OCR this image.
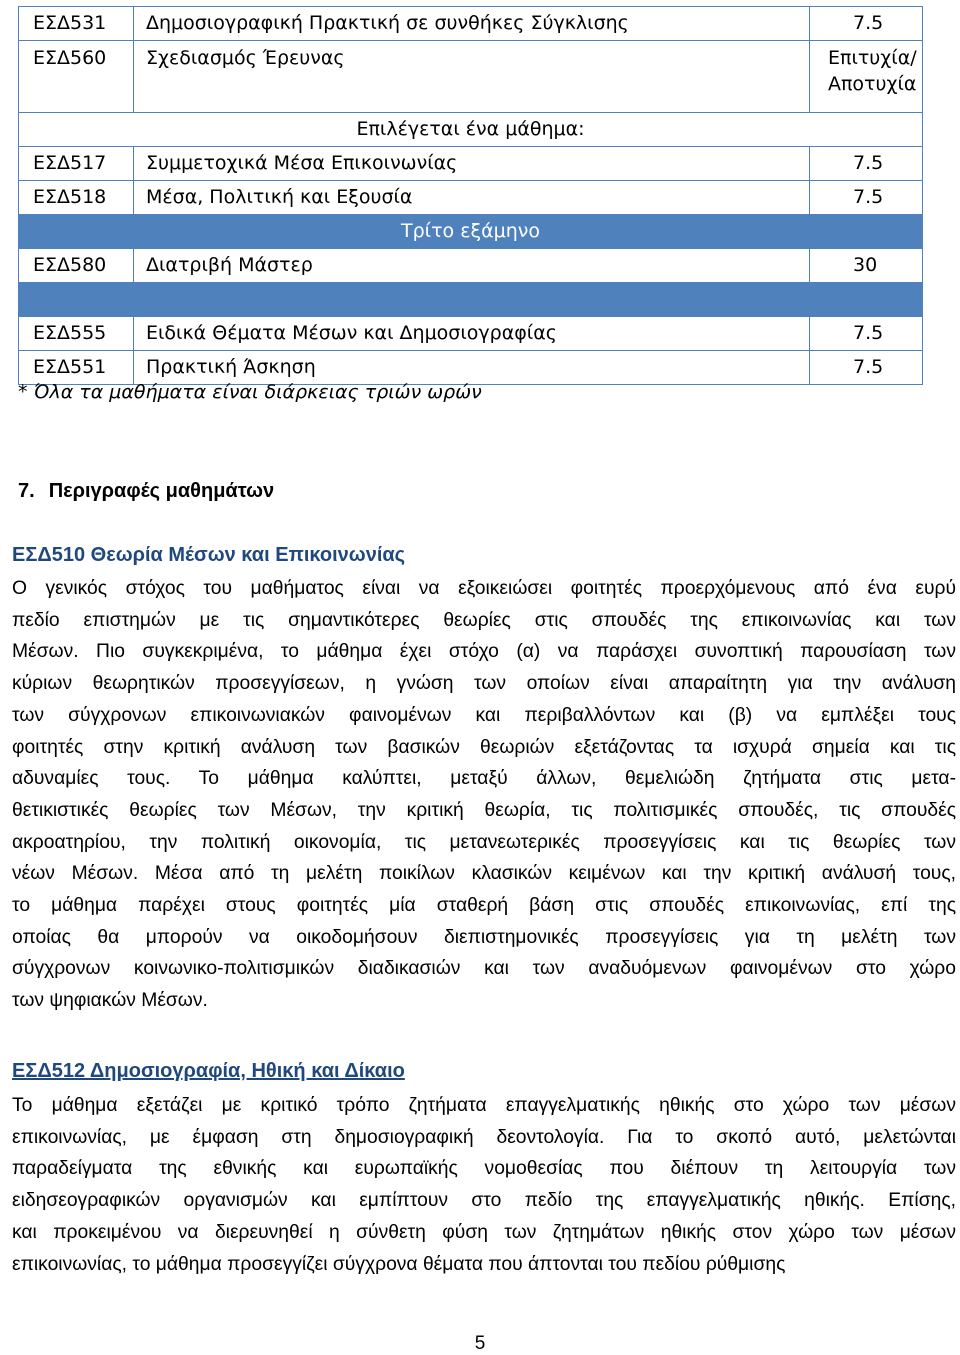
ΕΣΔ531	Δημοσιογραφική Πρακτική σε συνθήκες Σύγκλισης	7.5
ΕΣΔ560	Σχεδιασμός Έρευνας	Επιτυχία/ Αποτυχία
Επιλέγεται ένα μάθημα:		
ΕΣΔ517	Συμμετοχικά Μέσα Επικοινωνίας	7.5
ΕΣΔ518	Μέσα, Πολιτική και Εξουσία	7.5
Τρίτο εξάμηνο		
ΕΣΔ580	Διατριβή Μάστερ	30

ΕΣΔ555	Ειδικά Θέματα Μέσων και Δημοσιογραφίας	7.5
ΕΣΔ551	Πρακτική Άσκηση	7.5
* Όλα τα μαθήματα είναι διάρκειας τριών ωρών
7. Περιγραφές μαθημάτων
ΕΣΔ510 Θεωρία Μέσων και Επικοινωνίας
Ο γενικός στόχος του μαθήματος είναι να εξοικειώσει φοιτητές προερχόμενους από ένα ευρύ
πεδίο επιστημών με τις σημαντικότερες θεωρίες στις σπουδές της επικοινωνίας και των
Μέσων. Πιο συγκεκριμένα, το μάθημα έχει στόχο (α) να παράσχει συνοπτική παρουσίαση των
κύριων θεωρητικών προσεγγίσεων, η γνώση των οποίων είναι απαραίτητη για την ανάλυση
των σύγχρονων επικοινωνιακών φαινομένων και περιβαλλόντων και (β) να εμπλέξει τους
φοιτητές στην κριτική ανάλυση των βασικών θεωριών εξετάζοντας τα ισχυρά σημεία και τις
αδυναμίες τους. Το μάθημα καλύπτει, μεταξύ άλλων, θεμελιώδη ζητήματα στις μετα-
θετικιστικές θεωρίες των Μέσων, την κριτική θεωρία, τις πολιτισμικές σπουδές, τις σπουδές
ακροατηρίου, την πολιτική οικονομία, τις μετανεωτερικές προσεγγίσεις και τις θεωρίες των
νέων Μέσων. Μέσα από τη μελέτη ποικίλων κλασικών κειμένων και την κριτική ανάλυσή τους,
το μάθημα παρέχει στους φοιτητές μία σταθερή βάση στις σπουδές επικοινωνίας, επί της
οποίας θα μπορούν να οικοδομήσουν διεπιστημονικές προσεγγίσεις για τη μελέτη των
σύγχρονων κοινωνικο-πολιτισμικών διαδικασιών και των αναδυόμενων φαινομένων στο χώρο
των ψηφιακών Μέσων.
ΕΣΔ512 Δημοσιογραφία, Ηθική και Δίκαιο
Το μάθημα εξετάζει με κριτικό τρόπο ζητήματα επαγγελματικής ηθικής στο χώρο των μέσων
επικοινωνίας, με έμφαση στη δημοσιογραφική δεοντολογία. Για το σκοπό αυτό, μελετώνται
παραδείγματα της εθνικής και ευρωπαϊκής νομοθεσίας που διέπουν τη λειτουργία των
ειδησεογραφικών οργανισμών και εμπίπτουν στο πεδίο της επαγγελματικής ηθικής. Επίσης,
και προκειμένου να διερευνηθεί η σύνθετη φύση των ζητημάτων ηθικής στον χώρο των μέσων
επικοινωνίας, το μάθημα προσεγγίζει σύγχρονα θέματα που άπτονται του πεδίου ρύθμισης
5
